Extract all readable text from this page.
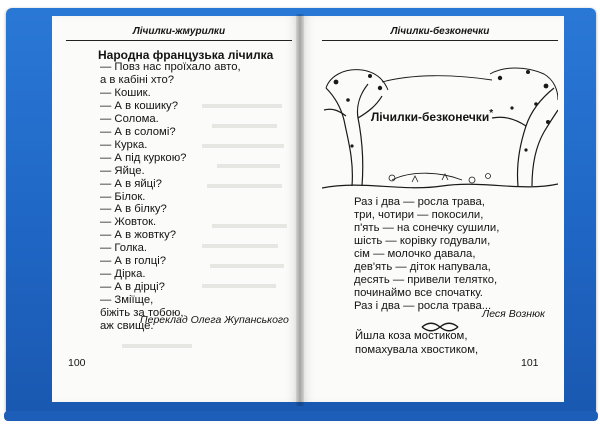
Лічилки-жмурилки
Народна французька лічилка
— Повз нас проїхало авто,
а в кабіні хто?
— Кошик.
— А в кошику?
— Солома.
— А в соломі?
— Курка.
— А під куркою?
— Яйце.
— А в яйці?
— Білок.
— А в білку?
— Жовток.
— А в жовтку?
— Голка.
— А в голці?
— Дірка.
— А в дірці?
— Зміїще,
біжіть за тобою,
аж свище.
Переклад Олега Жупанського
100
Лічилки-безконечки
Лічилки-безконечки*
Раз і два — росла трава,
три, чотири — покосили,
п'ять — на сонечку сушили,
шість — корівку годували,
сім — молочко давала,
дев'ять — діток напувала,
десять — привели телятко,
починаймо все спочатку.
Раз і два — росла трава...
Леся Вознюк
Йшла коза мостиком,
помахувала хвостиком,
101
